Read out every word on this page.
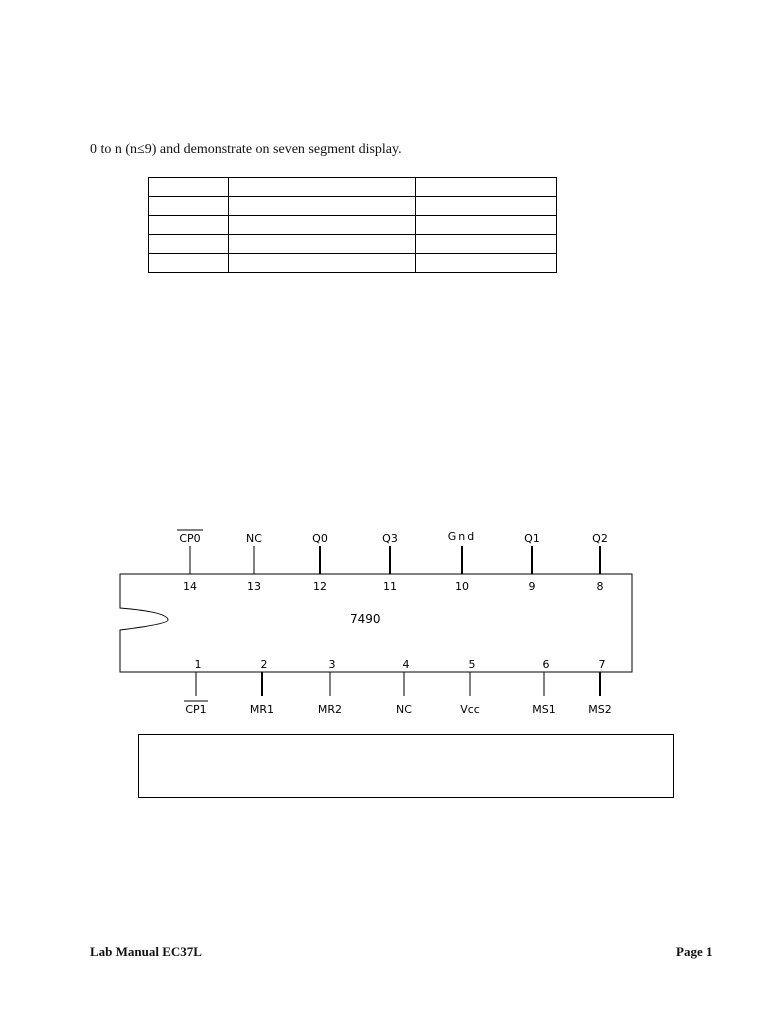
0 to n (n≤9) and demonstrate on seven segment display.

7490
CP0
14
NC
13
Q0
12
Q3
11
Gnd
10
Q1
9
Q2
8
1
CP1
2
MR1
3
MR2
4
NC
5
Vcc
6
MS1
7
MS2
Lab Manual EC37L	Page 1
